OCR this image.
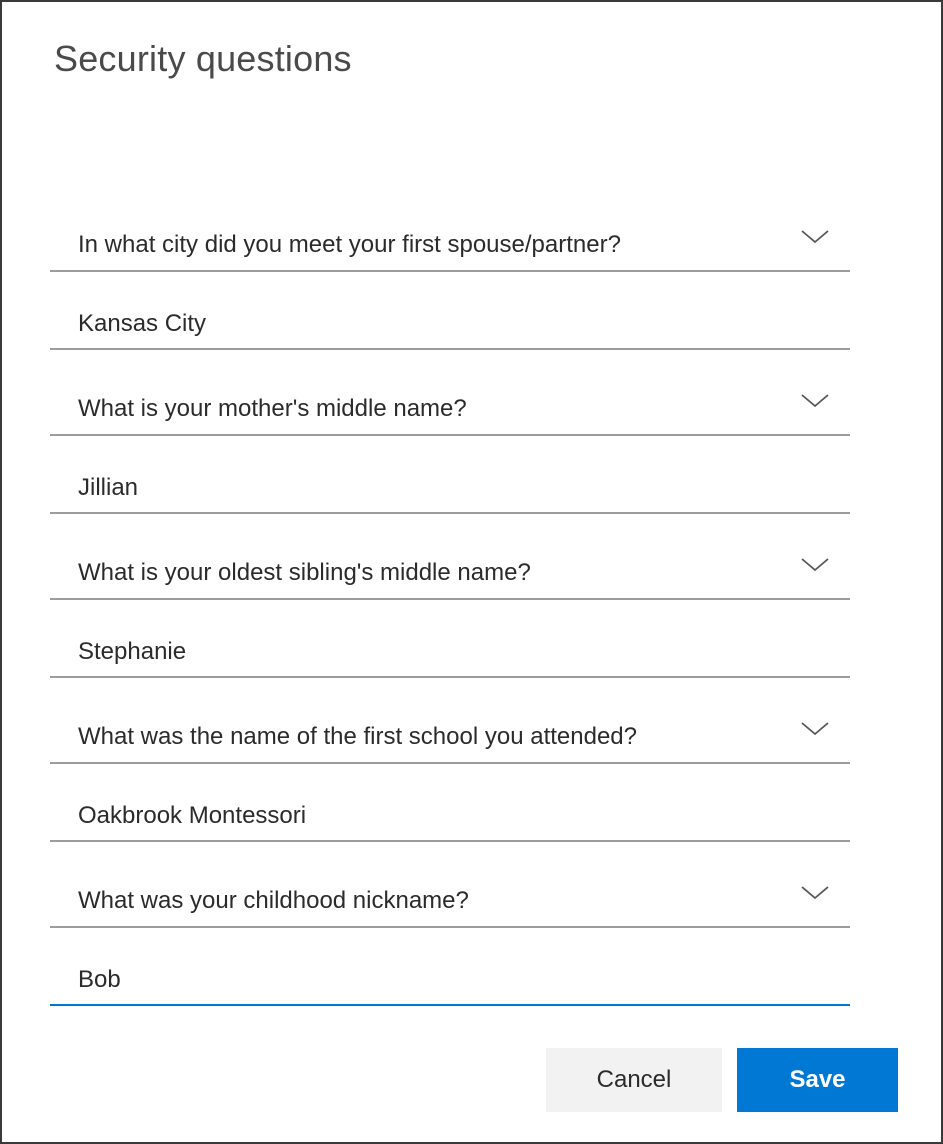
Security questions
In what city did you meet your first spouse/partner?
Kansas City
What is your mother's middle name?
Jillian
What is your oldest sibling's middle name?
Stephanie
What was the name of the first school you attended?
Oakbrook Montessori
What was your childhood nickname?
Bob
Cancel	Save
